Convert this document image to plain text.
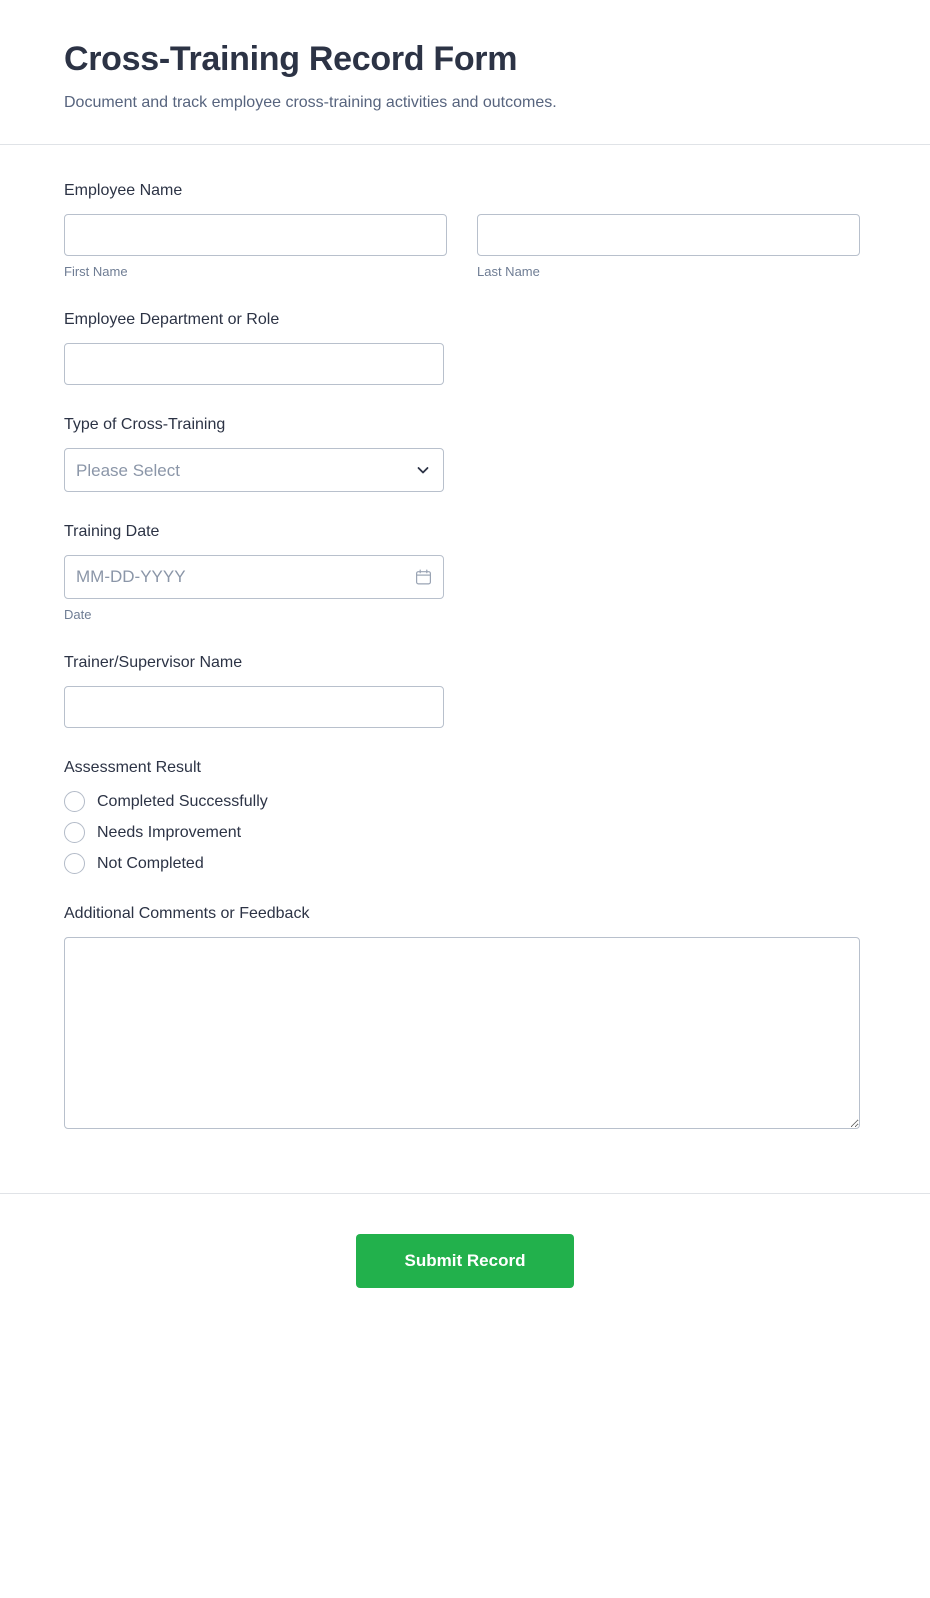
Cross-Training Record Form

Document and track employee cross-training activities and outcomes.

Employee Name
First Name	Last Name
Employee Department or Role
Type of Cross-Training
Please Select
Training Date
MM-DD-YYYY
Date
Trainer/Supervisor Name
Assessment Result
Completed Successfully
Needs Improvement
Not Completed
Additional Comments or Feedback
Submit Record
